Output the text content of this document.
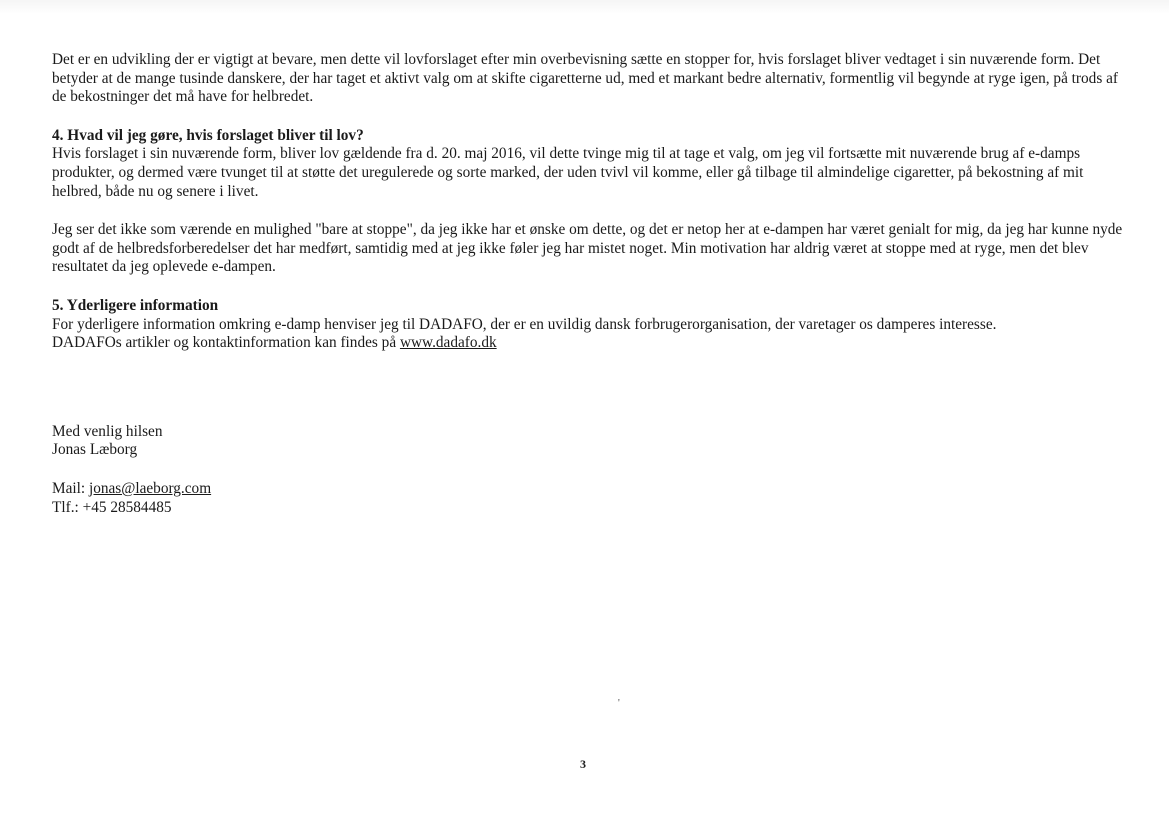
Det er en udvikling der er vigtigt at bevare, men dette vil lovforslaget efter min overbevisning sætte en stopper for, hvis forslaget bliver vedtaget i sin nuværende form. Det betyder at de mange tusinde danskere, der har taget et aktivt valg om at skifte cigaretterne ud, med et markant bedre alternativ, formentlig vil begynde at ryge igen, på trods af de bekostninger det må have for helbredet.

4. Hvad vil jeg gøre, hvis forslaget bliver til lov?
Hvis forslaget i sin nuværende form, bliver lov gældende fra d. 20. maj 2016, vil dette tvinge mig til at tage et valg, om jeg vil fortsætte mit nuværende brug af e-damps produkter, og dermed være tvunget til at støtte det uregulerede og sorte marked, der uden tvivl vil komme, eller gå tilbage til almindelige cigaretter, på bekostning af mit helbred, både nu og senere i livet.

Jeg ser det ikke som værende en mulighed "bare at stoppe", da jeg ikke har et ønske om dette, og det er netop her at e-dampen har været genialt for mig, da jeg har kunne nyde godt af de helbredsforberedelser det har medført, samtidig med at jeg ikke føler jeg har mistet noget. Min motivation har aldrig været at stoppe med at ryge, men det blev resultatet da jeg oplevede e-dampen.

5. Yderligere information
For yderligere information omkring e-damp henviser jeg til DADAFO, der er en uvildig dansk forbrugerorganisation, der varetager os damperes interesse.
DADAFOs artikler og kontaktinformation kan findes på www.dadafo.dk
Med venlig hilsen
Jonas Læborg
Mail: jonas@laeborg.com
Tlf.: +45 28584485
'
3
